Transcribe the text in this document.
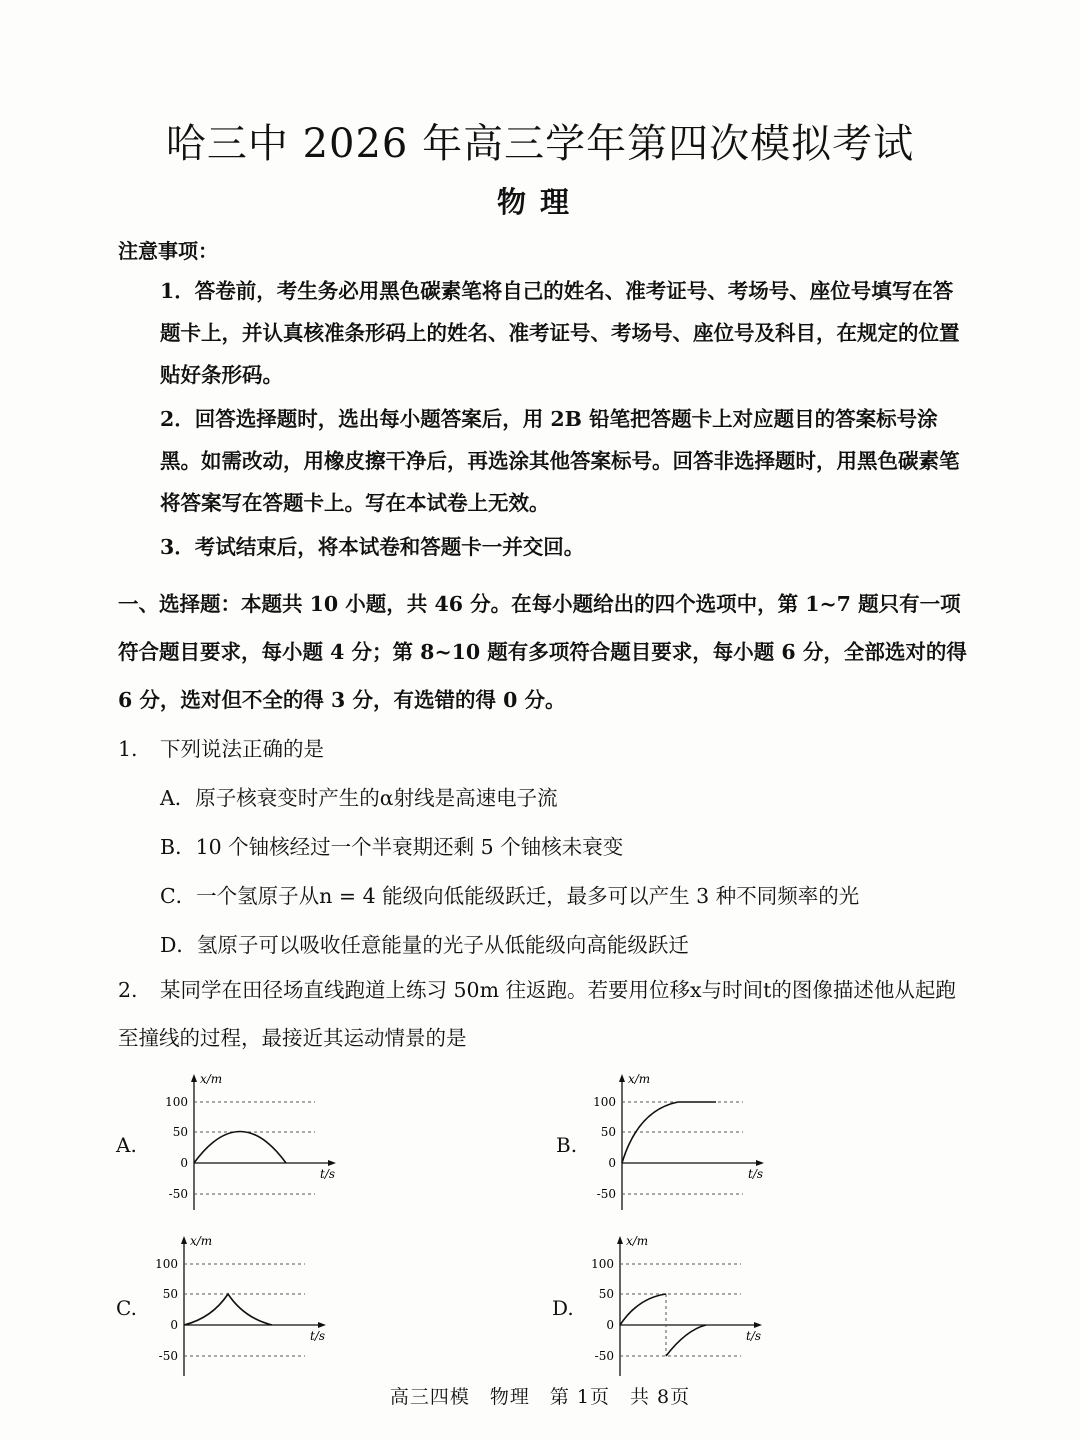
哈三中 2026 年高三学年第四次模拟考试
物理
注意事项：
1．答卷前，考生务必用黑色碳素笔将自己的姓名、准考证号、考场号、座位号填写在答题卡上，并认真核准条形码上的姓名、准考证号、考场号、座位号及科目，在规定的位置贴好条形码。
2．回答选择题时，选出每小题答案后，用 2B 铅笔把答题卡上对应题目的答案标号涂黑。如需改动，用橡皮擦干净后，再选涂其他答案标号。回答非选择题时，用黑色碳素笔将答案写在答题卡上。写在本试卷上无效。
3．考试结束后，将本试卷和答题卡一并交回。
一、选择题：本题共 10 小题，共 46 分。在每小题给出的四个选项中，第 1~7 题只有一项符合题目要求，每小题 4 分；第 8~10 题有多项符合题目要求，每小题 6 分，全部选对的得 6 分，选对但不全的得 3 分，有选错的得 0 分。
1. 下列说法正确的是
A．原子核衰变时产生的α射线是高速电子流
B．10 个铀核经过一个半衰期还剩 5 个铀核未衰变
C．一个氢原子从n = 4 能级向低能级跃迁，最多可以产生 3 种不同频率的光
D．氢原子可以吸收任意能量的光子从低能级向高能级跃迁
2. 某同学在田径场直线跑道上练习 50m 往返跑。若要用位移x与时间t的图像描述他从起跑至撞线的过程，最接近其运动情景的是
A.	B.
C.	D.
x/m
t/s
100
50
0
-50
x/m
t/s
100
50
0
-50
x/m
t/s
100
50
0
-50
x/m
t/s
100
50
0
-50
高三四模　物理　第 1页　共 8页
